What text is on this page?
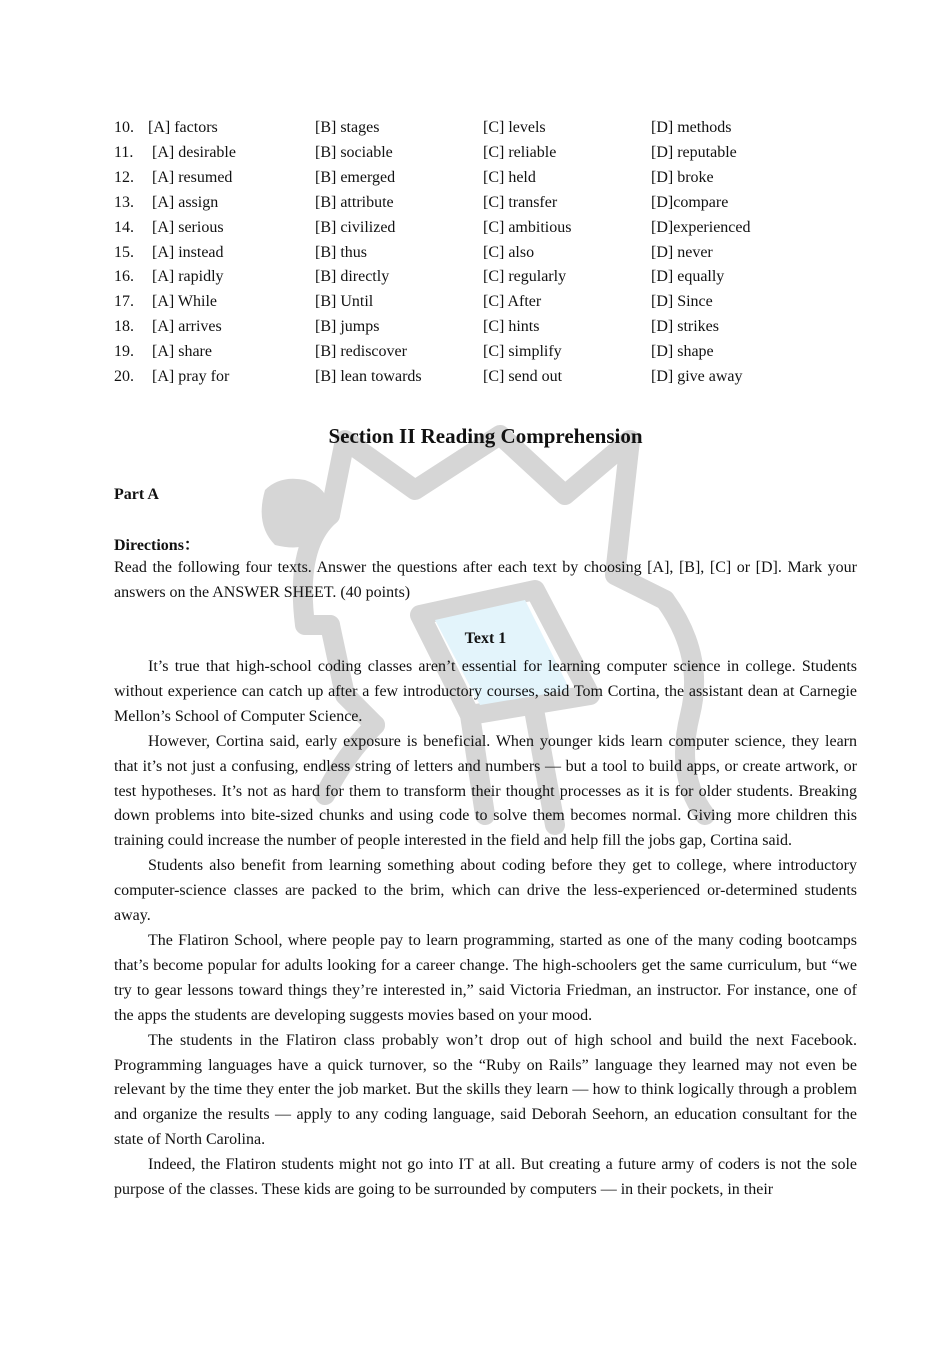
10. [A] factors	[B] stages	[C] levels	[D] methods
11. [A] desirable	[B] sociable	[C] reliable	[D] reputable
12. [A] resumed	[B] emerged	[C] held	[D] broke
13. [A] assign	[B] attribute	[C] transfer	[D]compare
14. [A] serious	[B] civilized	[C] ambitious	[D]experienced
15. [A] instead	[B] thus	[C] also	[D] never
16. [A] rapidly	[B] directly	[C] regularly	[D] equally
17. [A] While	[B] Until	[C] After	[D] Since
18. [A] arrives	[B] jumps	[C] hints	[D] strikes
19. [A] share	[B] rediscover	[C] simplify	[D] shape
20. [A] pray for	[B] lean towards	[C] send out	[D] give away
Section II Reading Comprehension
Part A
Directions：

Read the following four texts. Answer the questions after each text by choosing [A], [B], [C] or [D]. Mark your answers on the ANSWER SHEET. (40 points)

Text 1

It’s true that high-school coding classes aren’t essential for learning computer science in college. Students without experience can catch up after a few introductory courses, said Tom Cortina, the assistant dean at Carnegie Mellon’s School of Computer Science.

However, Cortina said, early exposure is beneficial. When younger kids learn computer science, they learn that it’s not just a confusing, endless string of letters and numbers — but a tool to build apps, or create artwork, or test hypotheses. It’s not as hard for them to transform their thought processes as it is for older students. Breaking down problems into bite-sized chunks and using code to solve them becomes normal. Giving more children this training could increase the number of people interested in the field and help fill the jobs gap, Cortina said.

Students also benefit from learning something about coding before they get to college, where introductory computer-science classes are packed to the brim, which can drive the less-experienced or-determined students away.

The Flatiron School, where people pay to learn programming, started as one of the many coding bootcamps that’s become popular for adults looking for a career change. The high-schoolers get the same curriculum, but “we try to gear lessons toward things they’re interested in,” said Victoria Friedman, an instructor. For instance, one of the apps the students are developing suggests movies based on your mood.

The students in the Flatiron class probably won’t drop out of high school and build the next Facebook. Programming languages have a quick turnover, so the “Ruby on Rails” language they learned may not even be relevant by the time they enter the job market. But the skills they learn — how to think logically through a problem and organize the results — apply to any coding language, said Deborah Seehorn, an education consultant for the state of North Carolina.

Indeed, the Flatiron students might not go into IT at all. But creating a future army of coders is not the sole purpose of the classes. These kids are going to be surrounded by computers — in their pockets, in their
